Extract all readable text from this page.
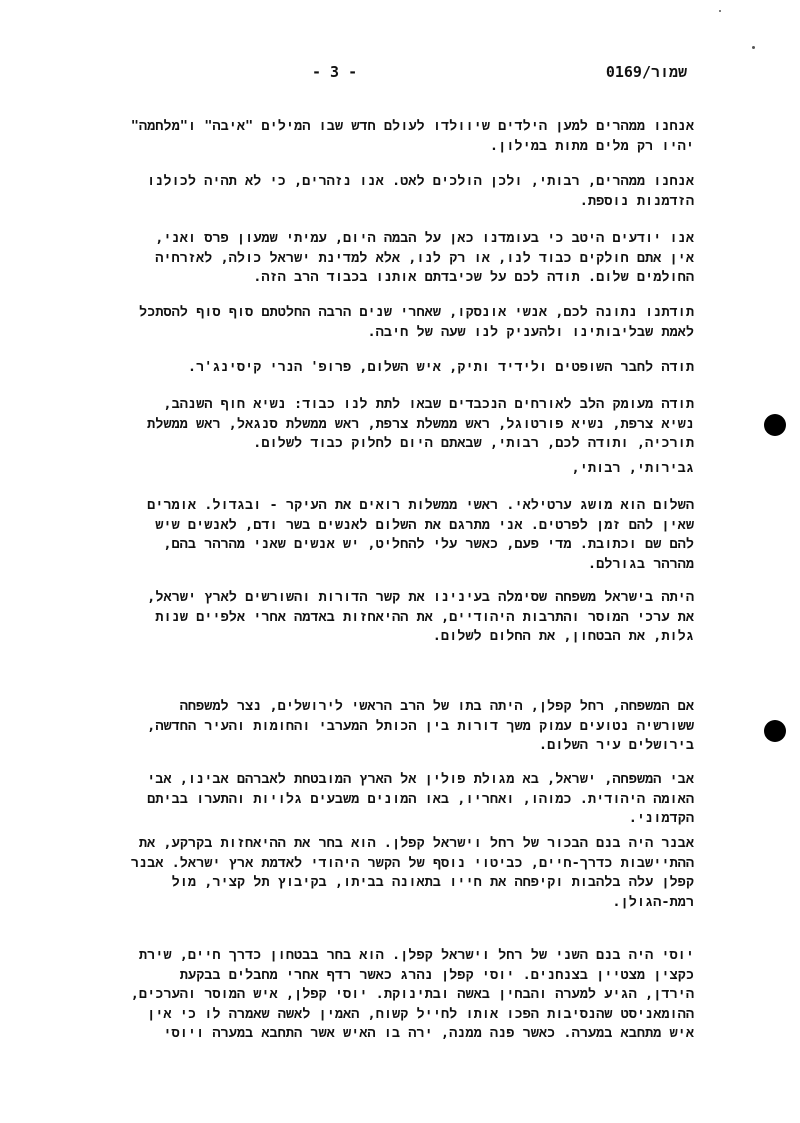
- 3 -	שמור/0169
אנחנו ממהרים למען הילדים שיוולדו לעולם חדש שבו המילים "איבה" ו"מלחמה"
יהיו רק מלים מתות במילון.
אנחנו ממהרים, רבותי, ולכן הולכים לאט. אנו נזהרים, כי לא תהיה לכולנו
הזדמנות נוספת.
אנו יודעים היטב כי בעומדנו כאן על הבמה היום, עמיתי שמעון פרס ואני,
אין אתם חולקים כבוד לנו, או רק לנו, אלא למדינת ישראל כולה, לאזרחיה
החולמים שלום. תודה לכם על שכיבדתם אותנו בכבוד הרב הזה.
תודתנו נתונה לכם, אנשי אונסקו, שאחרי שנים הרבה החלטתם סוף סוף להסתכל
לאמת שבליבותינו ולהעניק לנו שעה של חיבה.
תודה לחבר השופטים ולידיד ותיק, איש השלום, פרופ' הנרי קיסינג'ר.
תודה מעומק הלב לאורחים הנכבדים שבאו לתת לנו כבוד: נשיא חוף השנהב,
נשיא צרפת, נשיא פורטוגל, ראש ממשלת צרפת, ראש ממשלת סנגאל, ראש ממשלת
תורכיה, ותודה לכם, רבותי, שבאתם היום לחלוק כבוד לשלום.
גבירותי, רבותי,
השלום הוא מושג ערטילאי. ראשי ממשלות רואים את העיקר - ובגדול. אומרים
שאין להם זמן לפרטים. אני מתרגם את השלום לאנשים בשר ודם, לאנשים שיש
להם שם וכתובת. מדי פעם, כאשר עלי להחליט, יש אנשים שאני מהרהר בהם,
מהרהר בגורלם.
היתה בישראל משפחה שסימלה בעינינו את קשר הדורות והשורשים לארץ ישראל,
את ערכי המוסר והתרבות היהודיים, את ההיאחזות באדמה אחרי אלפיים שנות
גלות, את הבטחון, את החלום לשלום.
אם המשפחה, רחל קפלן, היתה בתו של הרב הראשי לירושלים, נצר למשפחה
ששורשיה נטועים עמוק משך דורות בין הכותל המערבי והחומות והעיר החדשה,
בירושלים עיר השלום.
אבי המשפחה, ישראל, בא מגולת פולין אל הארץ המובטחת לאברהם אבינו, אבי
האומה היהודית. כמוהו, ואחריו, באו המונים משבעים גלויות והתערו בביתם
הקדמוני.
אבנר היה בנם הבכור של רחל וישראל קפלן. הוא בחר את ההיאחזות בקרקע, את
ההתיישבות כדרך-חיים, כביטוי נוסף של הקשר היהודי לאדמת ארץ ישראל. אבנר
קפלן עלה בלהבות וקיפחה את חייו בתאונה בביתו, בקיבוץ תל קציר, מול
רמת-הגולן.
יוסי היה בנם השני של רחל וישראל קפלן. הוא בחר בבטחון כדרך חיים, שירת
כקצין מצטיין בצנחנים. יוסי קפלן נהרג כאשר רדף אחרי מחבלים בבקעת
הירדן, הגיע למערה והבחין באשה ובתינוקת. יוסי קפלן, איש המוסר והערכים,
ההומאניסט שהנסיבות הפכו אותו לחייל קשוח, האמין לאשה שאמרה לו כי אין
איש מתחבא במערה. כאשר פנה ממנה, ירה בו האיש אשר התחבא במערה ויוסי
